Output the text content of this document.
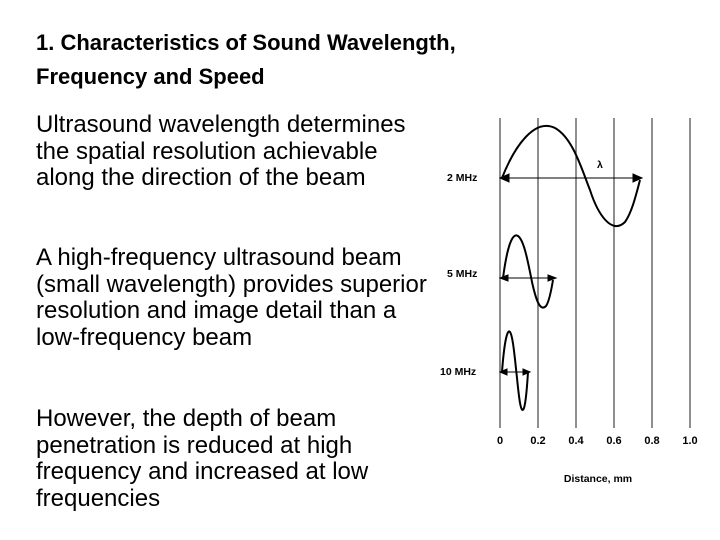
1. Characteristics of Sound Wavelength,
Frequency and Speed
Ultrasound wavelength determines the spatial resolution achievable along the direction of the beam
A high-frequency ultrasound beam (small wavelength) provides superior resolution and image detail than a low-frequency beam
However, the depth of beam penetration is reduced at high frequency and increased at low frequencies
λ
2 MHz
5 MHz
10 MHz
0 0.2 0.4 0.6 0.8 1.0
Distance, mm
